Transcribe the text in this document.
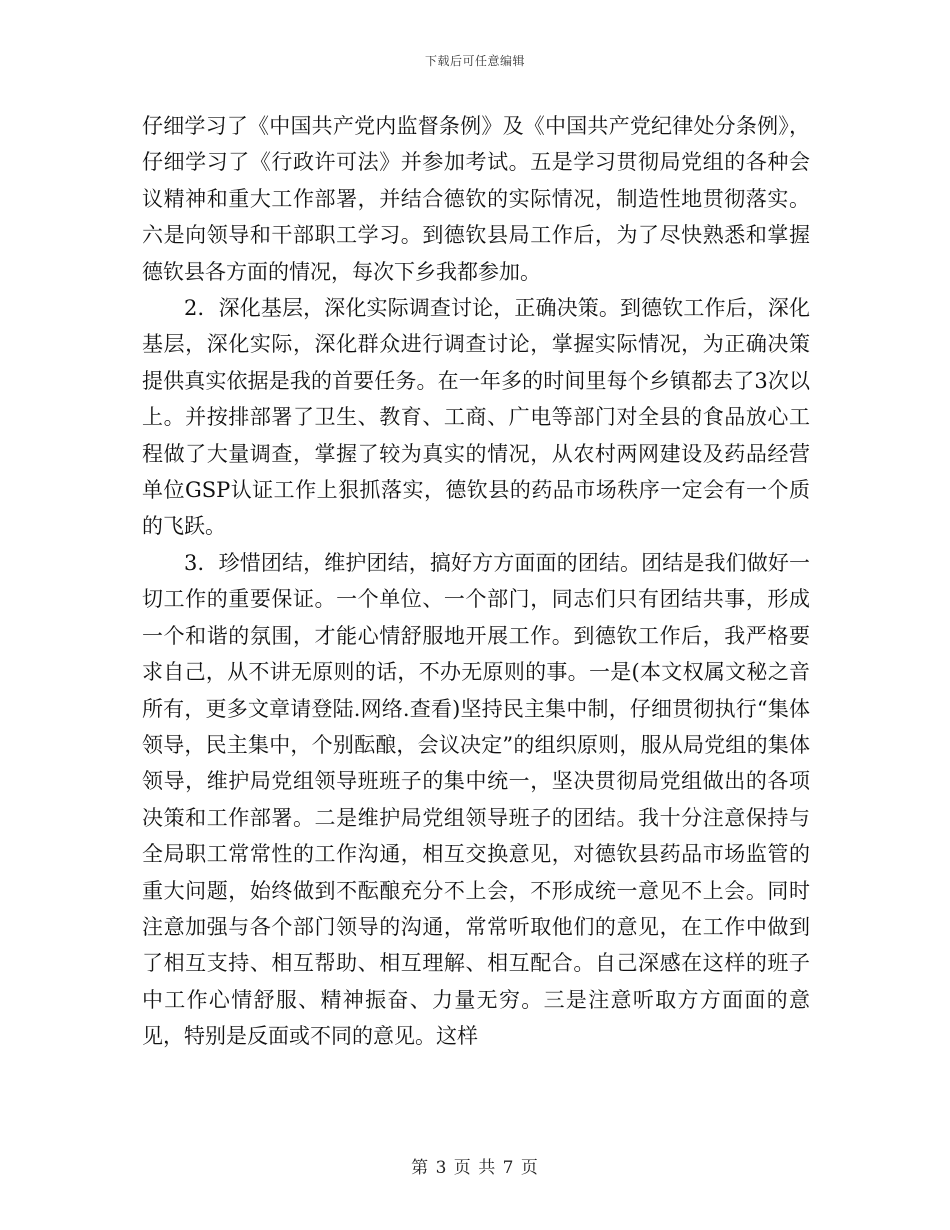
下载后可任意编辑

仔细学习了《中国共产党内监督条例》及《中国共产党纪律处分条例》，仔细学习了《行政许可法》并参加考试。五是学习贯彻局党组的各种会议精神和重大工作部署，并结合德钦的实际情况，制造性地贯彻落实。六是向领导和干部职工学习。到德钦县局工作后，为了尽快熟悉和掌握德钦县各方面的情况，每次下乡我都参加。

2．深化基层，深化实际调查讨论，正确决策。到德钦工作后，深化基层，深化实际，深化群众进行调查讨论，掌握实际情况，为正确决策提供真实依据是我的首要任务。在一年多的时间里每个乡镇都去了3次以上。并按排部署了卫生、教育、工商、广电等部门对全县的食品放心工程做了大量调查，掌握了较为真实的情况，从农村两网建设及药品经营单位GSP认证工作上狠抓落实，德钦县的药品市场秩序一定会有一个质的飞跃。

3．珍惜团结，维护团结，搞好方方面面的团结。团结是我们做好一切工作的重要保证。一个单位、一个部门，同志们只有团结共事，形成一个和谐的氛围，才能心情舒服地开展工作。到德钦工作后，我严格要求自己，从不讲无原则的话，不办无原则的事。一是(本文权属文秘之音所有，更多文章请登陆.网络.查看)坚持民主集中制，仔细贯彻执行“集体领导，民主集中，个别酝酿，会议决定”的组织原则，服从局党组的集体领导，维护局党组领导班班子的集中统一，坚决贯彻局党组做出的各项决策和工作部署。二是维护局党组领导班子的团结。我十分注意保持与全局职工常常性的工作沟通，相互交换意见，对德钦县药品市场监管的重大问题，始终做到不酝酿充分不上会，不形成统一意见不上会。同时注意加强与各个部门领导的沟通，常常听取他们的意见，在工作中做到了相互支持、相互帮助、相互理解、相互配合。自己深感在这样的班子中工作心情舒服、精神振奋、力量无穷。三是注意听取方方面面的意见，特别是反面或不同的意见。这样

第 3 页 共 7 页
